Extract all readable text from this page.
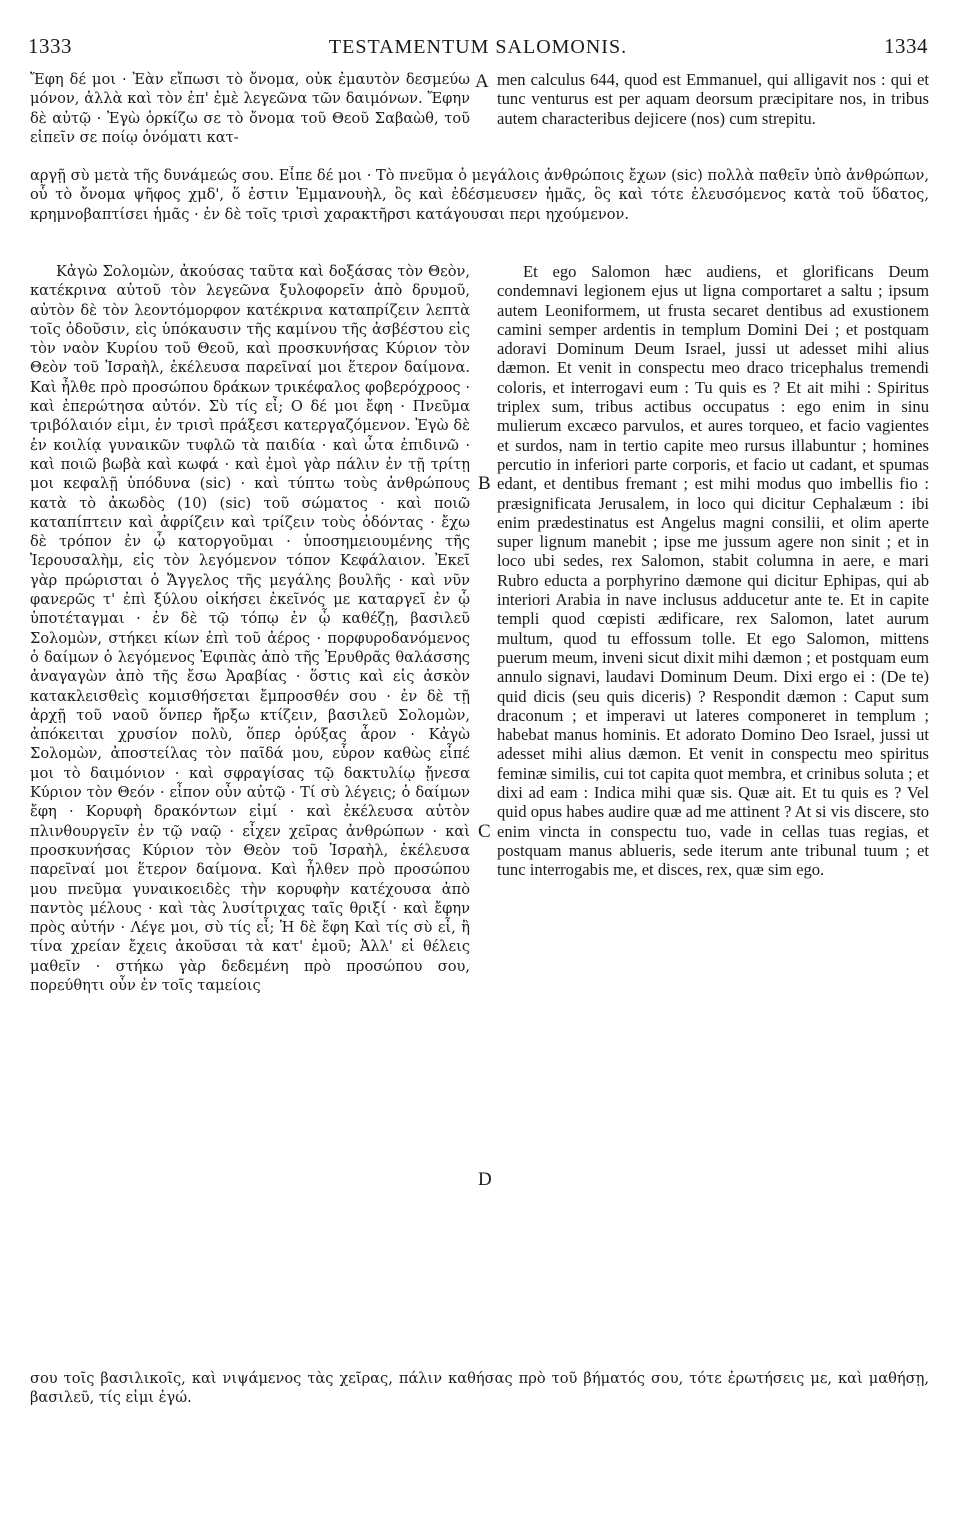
1333	TESTAMENTUM SALOMONIS.	1334

Ἔφη δέ μοι · Ἐὰν εἴπωσι τὸ ὄνομα, οὐκ ἐμαυτὸν δεσμεύω μόνον, ἀλλὰ καὶ τὸν ἐπ' ἐμὲ λεγεῶνα τῶν δαιμόνων. Ἔφην δὲ αὐτῷ · Ἐγὼ ὁρκίζω σε τὸ ὄνομα τοῦ Θεοῦ Σαβαὼθ, τοῦ εἰπεῖν σε ποίῳ ὀνόματι κατ-

A men calculus 644, quod est Emmanuel, qui alligavit nos : qui et tunc venturus est per aquam deorsum præcipitare nos, in tribus autem characteribus dejicere (nos) cum strepitu.

αργῇ σὺ μετὰ τῆς δυνάμεώς σου. Εἶπε δέ μοι · Τὸ πνεῦμα ὁ μεγάλοις ἀνθρώποις ἔχων (sic) πολλὰ παθεῖν ὑπὸ ἀνθρώπων, οὗ τὸ ὄνομα ψῆφος χμδ', ὅ ἐστιν Ἐμμανουὴλ, ὃς καὶ ἐδέσμευσεν ἡμᾶς, ὃς καὶ τότε ἐλευσόμενος κατὰ τοῦ ὕδατος, κρημνοβαπτίσει ἡμᾶς · ἐν δὲ τοῖς τρισὶ χαρακτῆρσι κατάγουσαι περι ηχούμενον.

Κἀγὼ Σολομὼν, ἀκούσας ταῦτα καὶ δοξάσας τὸν Θεὸν, κατέκρινα αὐτοῦ τὸν λεγεῶνα ξυλοφορεῖν ἀπὸ δρυμοῦ, αὐτὸν δὲ τὸν λεοντόμορφον κατέκρινα καταπρίζειν λεπτὰ τοῖς ὀδοῦσιν, εἰς ὑπόκαυσιν τῆς καμίνου τῆς ἀσβέστου εἰς τὸν ναὸν Κυρίου τοῦ Θεοῦ, καὶ προσκυνήσας Κύριον τὸν Θεὸν τοῦ Ἰσραὴλ, ἐκέλευσα παρεῖναί μοι ἕτερον δαίμονα. Καὶ ἦλθε πρὸ προσώπου δράκων τρικέφαλος φοβερόχροος · καὶ ἐπερώτησα αὐτόν. Σὺ τίς εἶ; Ο δέ μοι ἔφη · Πνεῦμα τριβόλαιόν εἰμι, ἐν τρισὶ πράξεσι κατεργαζόμενον. Ἐγὼ δὲ ἐν κοιλίᾳ γυναικῶν τυφλῶ τὰ παιδία · καὶ ὦτα ἐπιδινῶ · καὶ ποιῶ βωβὰ καὶ κωφά · καὶ ἐμοὶ γὰρ πάλιν ἐν τῇ τρίτῃ μοι κεφαλῇ ὑπόδυνα (sic) · καὶ τύπτω τοὺς ἀνθρώπους κατὰ τὸ ἀκωδὸς (10) (sic) τοῦ σώματος · καὶ ποιῶ καταπίπτειν καὶ ἀφρίζειν καὶ τρίζειν τοὺς ὀδόντας · ἔχω δὲ τρόπον ἐν ᾧ κατοργοῦμαι · ὑποσημειουμένης τῆς Ἱερουσαλὴμ, εἰς τὸν λεγόμενον τόπον Κεφάλαιον. Ἐκεῖ γὰρ πρώρισται ὁ Ἄγγελος τῆς μεγάλης βουλῆς · καὶ νῦν φανερῶς τ' ἐπὶ ξύλου οἰκήσει ἐκεῖνός με καταργεῖ ἐν ᾧ ὑποτέταγμαι · ἐν δὲ τῷ τόπῳ ἐν ᾧ καθέζῃ, βασιλεῦ Σολομὼν, στήκει κίων ἐπὶ τοῦ ἀέρος · πορφυροδανόμενος ὁ δαίμων ὁ λεγόμενος Ἐφιπὰς ἀπὸ τῆς Ἐρυθρᾶς θαλάσσης ἀναγαγὼν ἀπὸ τῆς ἔσω Ἀραβίας · ὅστις καὶ εἰς ἀσκὸν κατακλεισθεὶς κομισθήσεται ἔμπροσθέν σου · ἐν δὲ τῇ ἀρχῇ τοῦ ναοῦ ὅνπερ ἤρξω κτίζειν, βασιλεῦ Σολομὼν, ἀπόκειται χρυσίον πολὺ, ὅπερ ὀρύξας ἆρον · Κἀγὼ Σολομὼν, ἀποστείλας τὸν παῖδά μου, εὗρον καθὼς εἶπέ μοι τὸ δαιμόνιον · καὶ σφραγίσας τῷ δακτυλίῳ ᾔνεσα Κύριον τὸν Θεόν · εἶπον οὖν αὐτῷ · Τί σὺ λέγεις; ὁ δαίμων ἔφη · Κορυφὴ δρακόντων εἰμί · καὶ ἐκέλευσα αὐτὸν πλινθουργεῖν ἐν τῷ ναῷ · εἶχεν χεῖρας ἀνθρώπων · καὶ προσκυνήσας Κύριον τὸν Θεὸν τοῦ Ἰσραὴλ, ἐκέλευσα παρεῖναί μοι ἕτερον δαίμονα. Καὶ ἦλθεν πρὸ προσώπου μου πνεῦμα γυναικοειδὲς τὴν κορυφὴν κατέχουσα ἀπὸ παντὸς μέλους · καὶ τὰς λυσίτριχας ταῖς θριξί · καὶ ἔφην πρὸς αὐτήν · Λέγε μοι, σὺ τίς εἶ; Ἡ δὲ ἔφη Καὶ τίς σὺ εἶ, ἢ τίνα χρείαν ἔχεις ἀκοῦσαι τὰ κατ' ἐμοῦ; Ἀλλ' εἰ θέλεις μαθεῖν · στήκω γὰρ δεδεμένη πρὸ προσώπου σου, πορεύθητι οὖν ἐν τοῖς ταμείοις

B
C
D

Et ego Salomon hæc audiens, et glorificans Deum condemnavi legionem ejus ut ligna comportaret a saltu ; ipsum autem Leoniformem, ut frusta secaret dentibus ad exustionem camini semper ardentis in templum Domini Dei ; et postquam adoravi Dominum Deum Israel, jussi ut adesset mihi alius dæmon. Et venit in conspectu meo draco tricephalus tremendi coloris, et interrogavi eum : Tu quis es ? Et ait mihi : Spiritus triplex sum, tribus actibus occupatus : ego enim in sinu mulierum excæco parvulos, et aures torqueo, et facio vagientes et surdos, nam in tertio capite meo rursus illabuntur ; homines percutio in inferiori parte corporis, et facio ut cadant, et spumas edant, et dentibus fremant ; est mihi modus quo imbellis fio : præsignificata Jerusalem, in loco qui dicitur Cephalæum : ibi enim prædestinatus est Angelus magni consilii, et olim aperte super lignum manebit ; ipse me jussum agere non sinit ; et in loco ubi sedes, rex Salomon, stabit columna in aere, e mari Rubro educta a porphyrino dæmone qui dicitur Ephipas, qui ab interiori Arabia in nave inclusus adducetur ante te. Et in capite templi quod cœpisti ædificare, rex Salomon, latet aurum multum, quod tu effossum tolle. Et ego Salomon, mittens puerum meum, inveni sicut dixit mihi dæmon ; et postquam eum annulo signavi, laudavi Dominum Deum. Dixi ergo ei : (De te) quid dicis (seu quis diceris) ? Respondit dæmon : Caput sum draconum ; et imperavi ut lateres componeret in templum ; habebat manus hominis. Et adorato Domino Deo Israel, jussi ut adesset mihi alius dæmon. Et venit in conspectu meo spiritus feminæ similis, cui tot capita quot membra, et crinibus soluta ; et dixi ad eam : Indica mihi quæ sis. Quæ ait. Et tu quis es ? Vel quid opus habes audire quæ ad me attinent ? At si vis discere, sto enim vincta in conspectu tuo, vade in cellas tuas regias, et postquam manus ablueris, sede iterum ante tribunal tuum ; et tunc interrogabis me, et disces, rex, quæ sim ego.

σου τοῖς βασιλικοῖς, καὶ νιψάμενος τὰς χεῖρας, πάλιν καθήσας πρὸ τοῦ βήματός σου, τότε ἐρωτήσεις με, καὶ μαθήσῃ, βασιλεῦ, τίς εἰμι ἐγώ.
